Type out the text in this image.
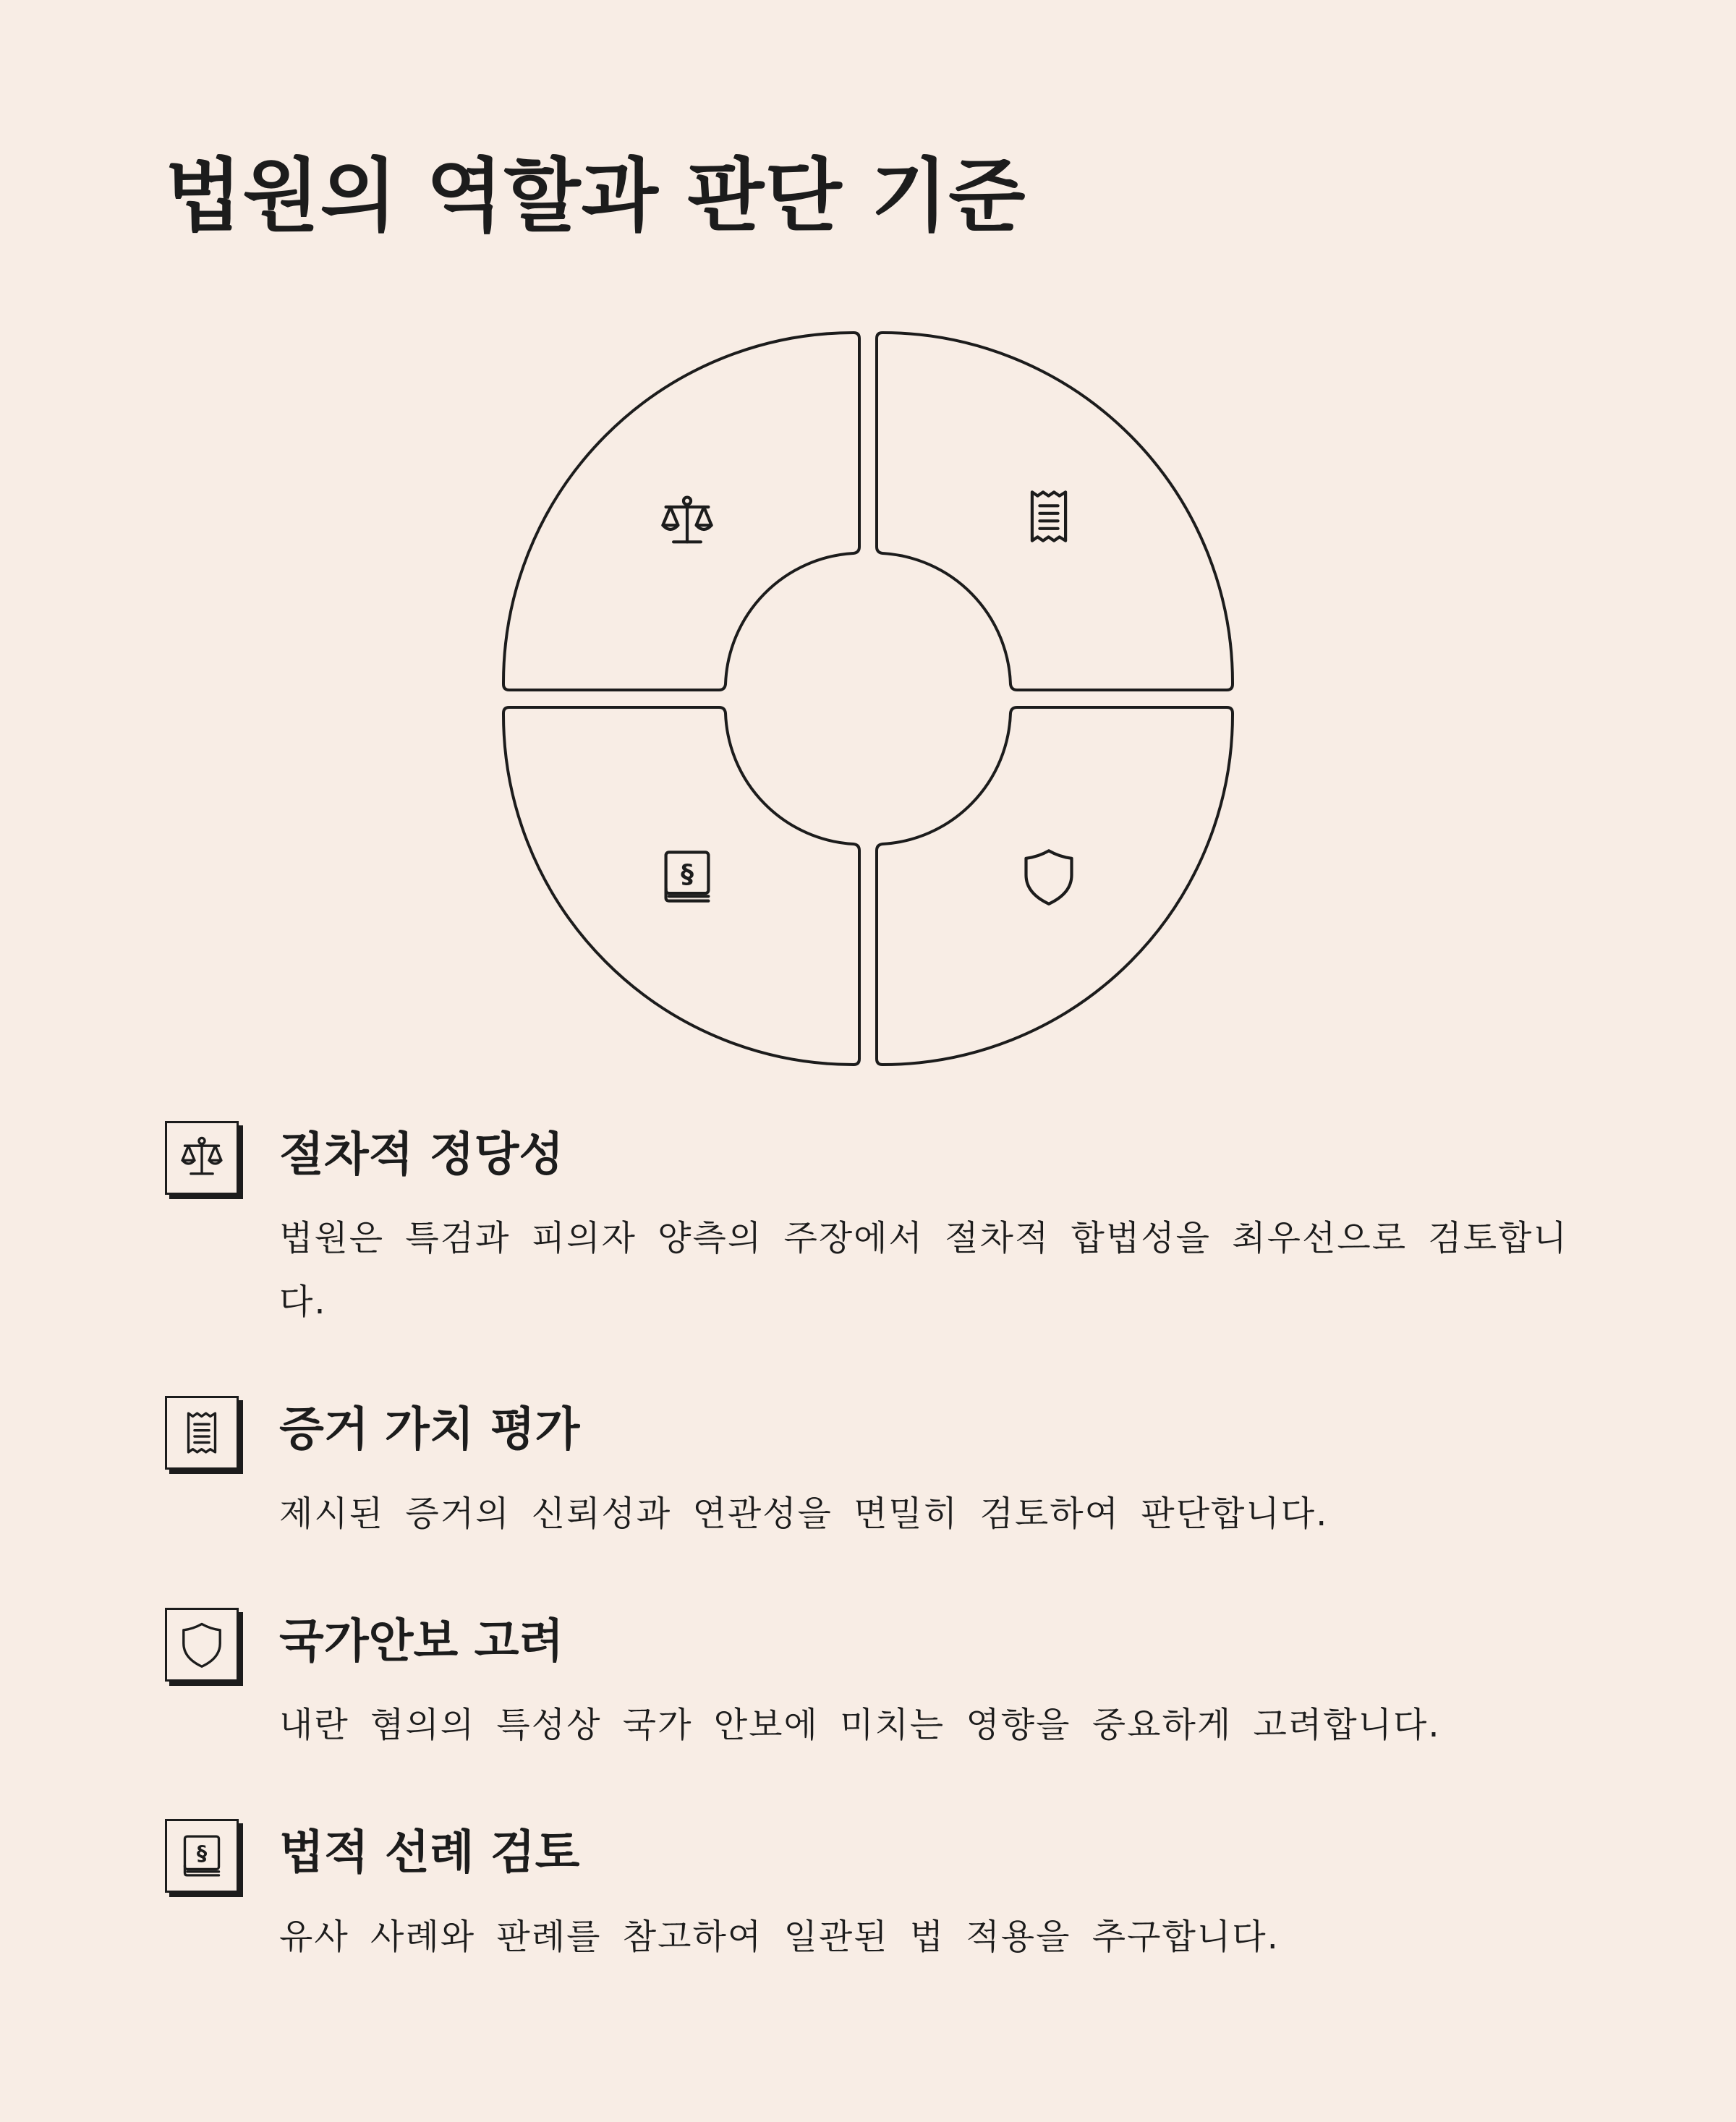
법원의 역할과 판단 기준
절차적 정당성

법원은 특검과 피의자 양측의 주장에서 절차적 합법성을 최우선으로 검토합니다.

증거 가치 평가

제시된 증거의 신뢰성과 연관성을 면밀히 검토하여 판단합니다.

국가안보 고려

내란 혐의의 특성상 국가 안보에 미치는 영향을 중요하게 고려합니다.

법적 선례 검토

유사 사례와 판례를 참고하여 일관된 법 적용을 추구합니다.
